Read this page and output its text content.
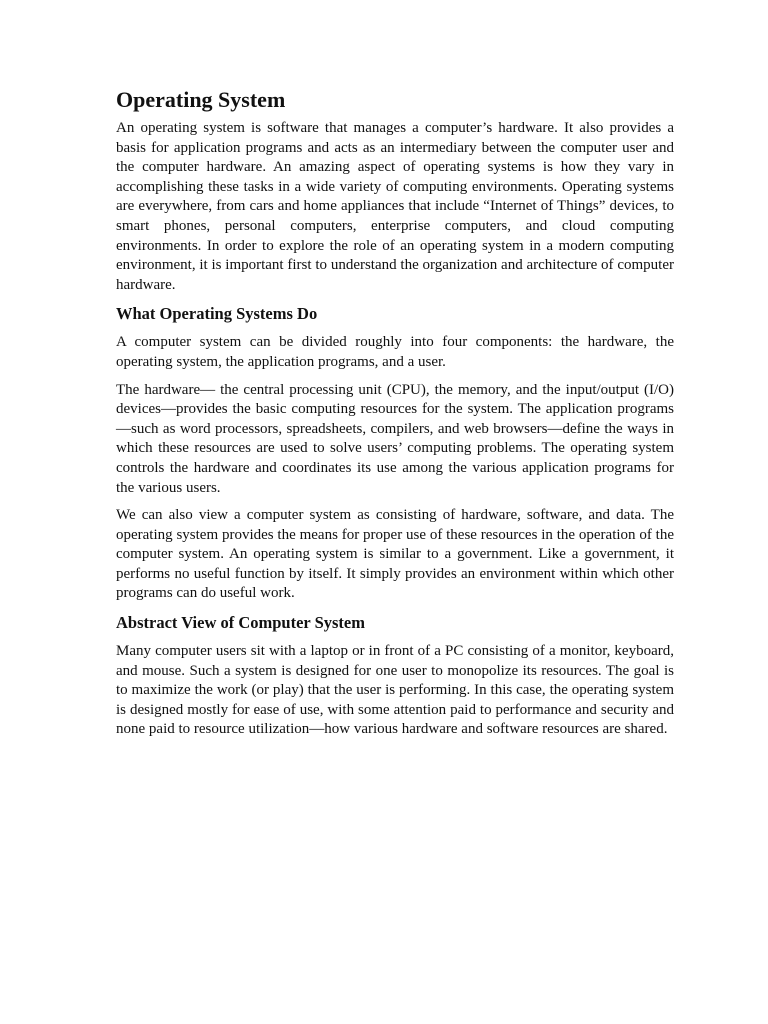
Operating System

An operating system is software that manages a computer’s hardware. It also provides a basis for application programs and acts as an intermediary between the computer user and the computer hardware. An amazing aspect of operating systems is how they vary in accomplishing these tasks in a wide variety of computing environments. Operating systems are everywhere, from cars and home appliances that include “Internet of Things” devices, to smart phones, personal computers, enterprise computers, and cloud computing environments. In order to explore the role of an operating system in a modern computing environment, it is important first to understand the organization and architecture of computer hardware.

What Operating Systems Do

A computer system can be divided roughly into four components: the hardware, the operating system, the application programs, and a user.

The hardware— the central processing unit (CPU), the memory, and the input/output (I/O) devices—provides the basic computing resources for the system. The application programs—such as word processors, spreadsheets, compilers, and web browsers—define the ways in which these resources are used to solve users’ computing problems. The operating system controls the hardware and coordinates its use among the various application programs for the various users.

We can also view a computer system as consisting of hardware, software, and data. The operating system provides the means for proper use of these resources in the operation of the computer system. An operating system is similar to a government. Like a government, it performs no useful function by itself. It simply provides an environment within which other programs can do useful work.

Abstract View of Computer System

Many computer users sit with a laptop or in front of a PC consisting of a monitor, keyboard, and mouse. Such a system is designed for one user to monopolize its resources. The goal is to maximize the work (or play) that the user is performing. In this case, the operating system is designed mostly for ease of use, with some attention paid to performance and security and none paid to resource utilization—how various hardware and software resources are shared.
